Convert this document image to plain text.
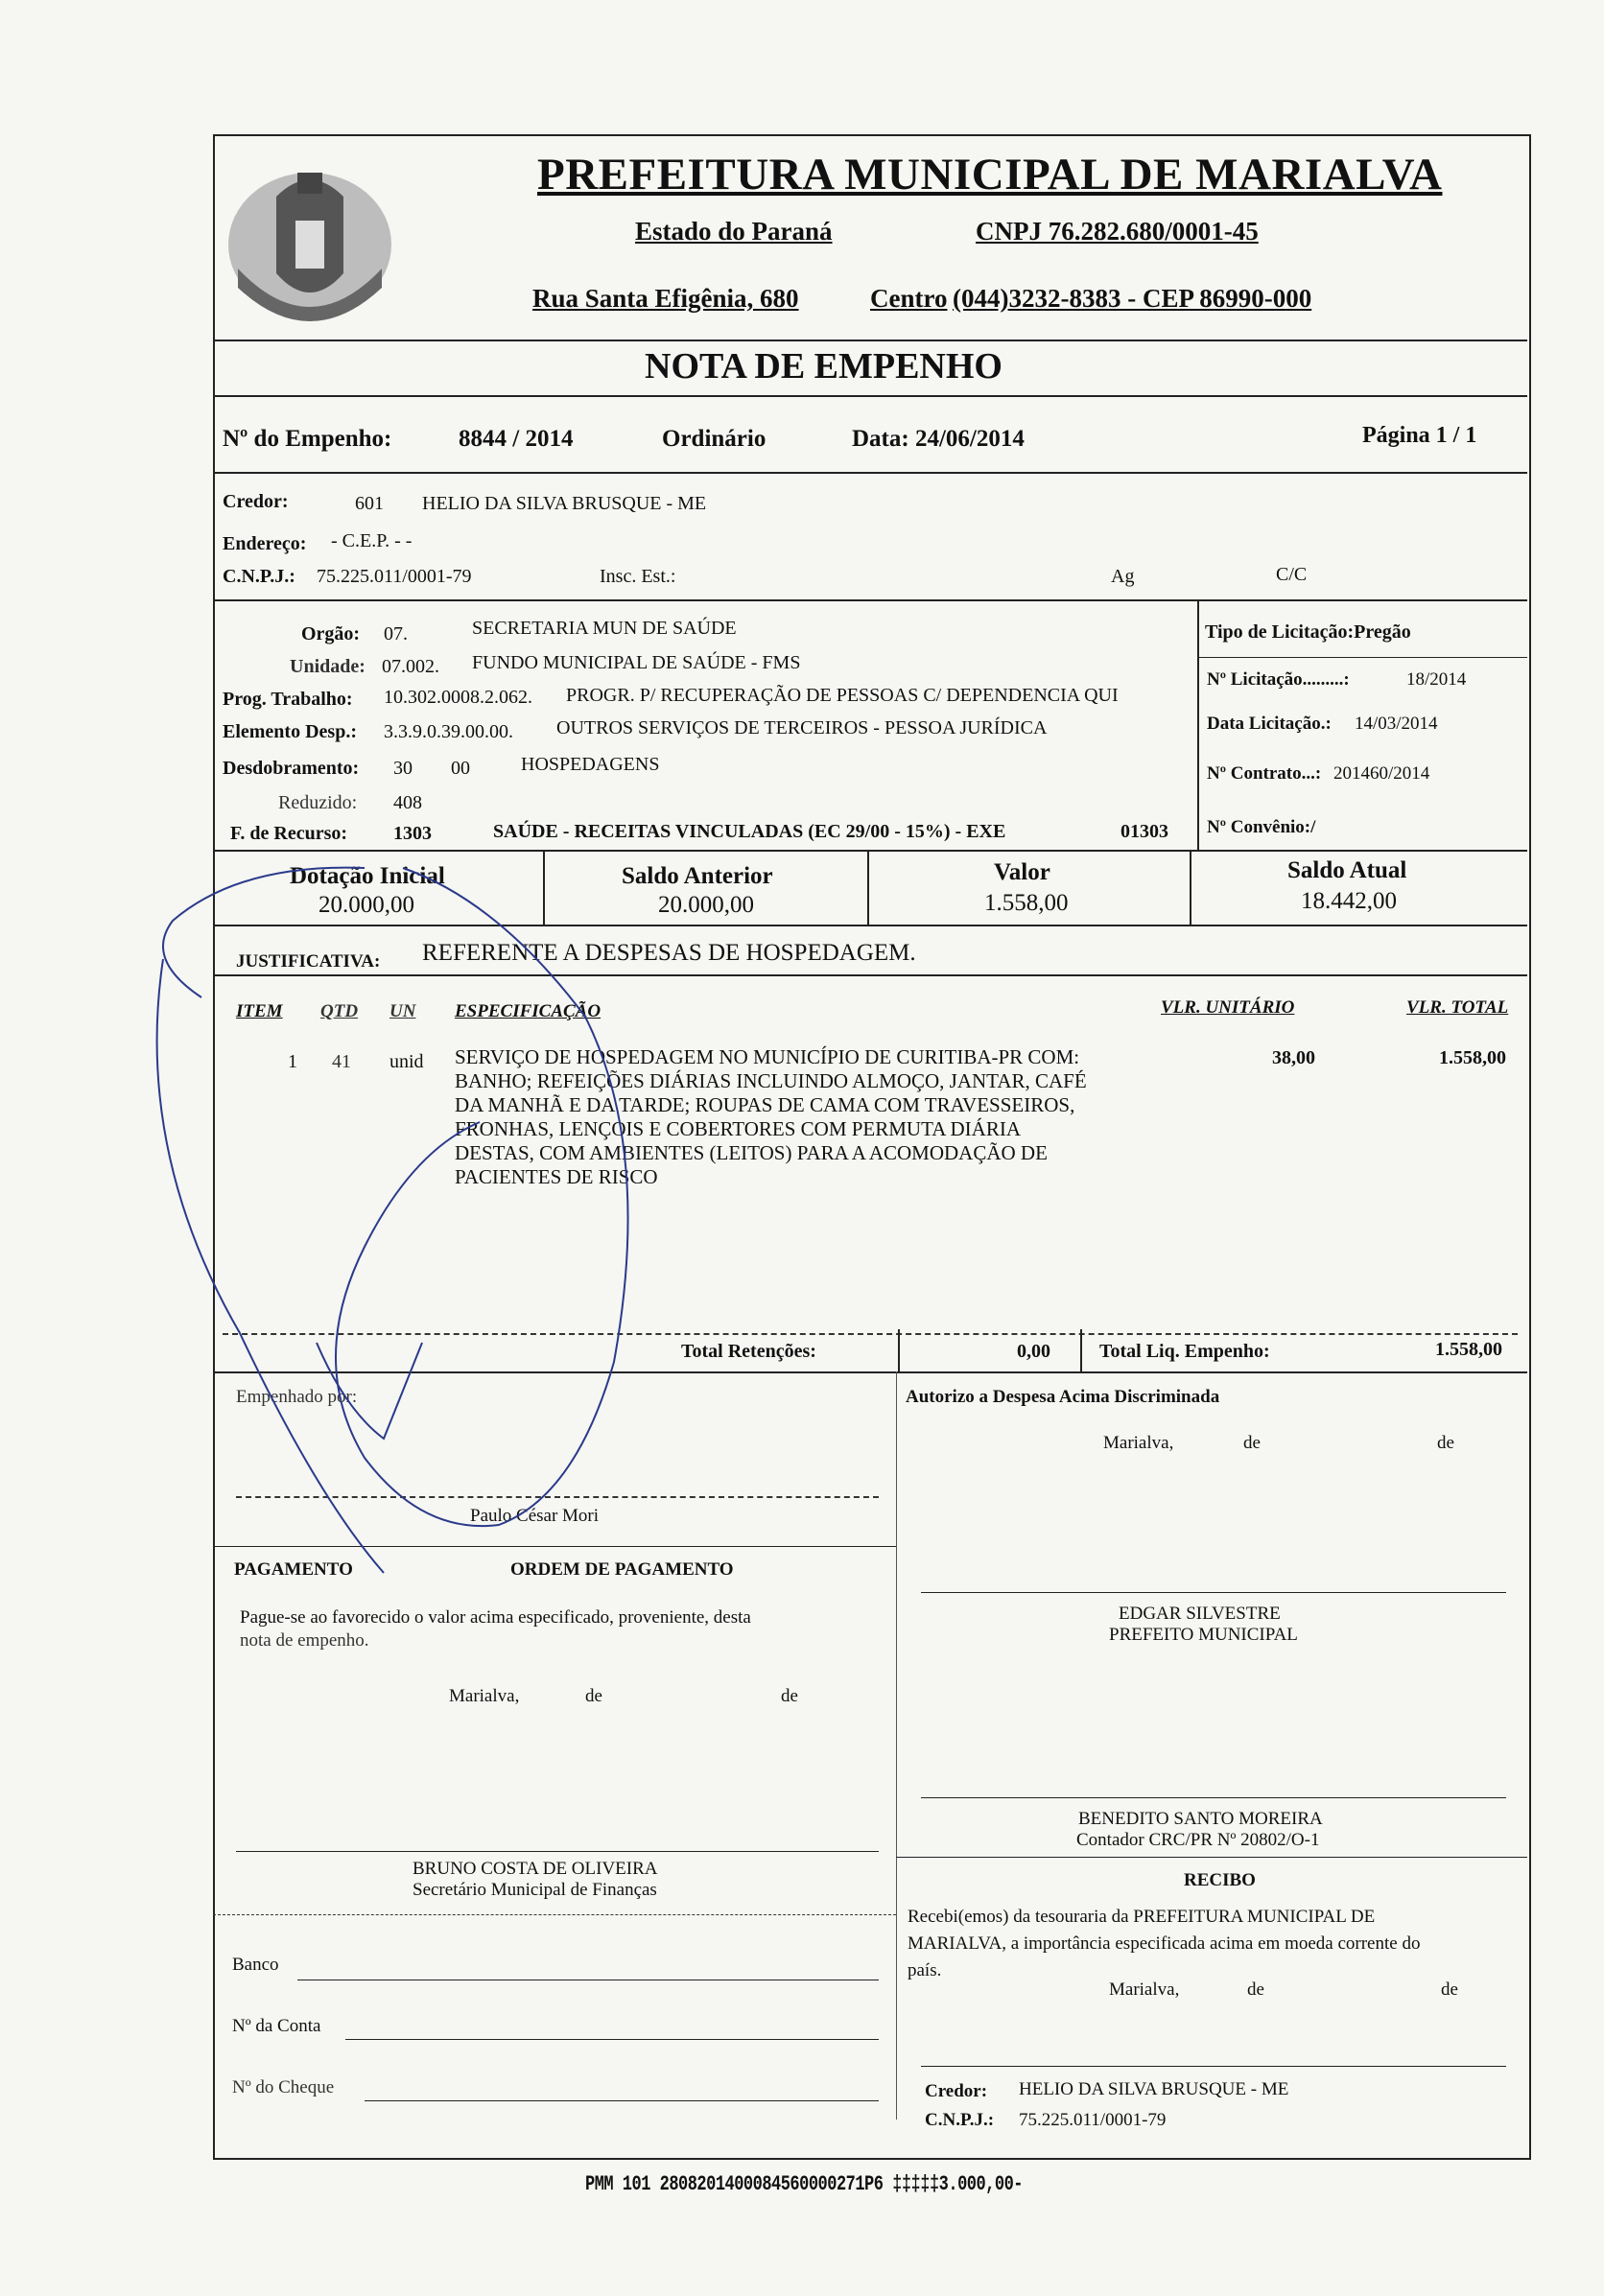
PREFEITURA MUNICIPAL DE MARIALVA
Estado do Paraná	CNPJ 76.282.680/0001-45
Rua Santa Efigênia, 680	Centro (044)3232-8383 - CEP 86990-000
NOTA DE EMPENHO
Nº do Empenho:	8844 / 2014	Ordinário	Data: 24/06/2014	Página 1 / 1
Credor:	601 HELIO DA SILVA BRUSQUE - ME
Endereço: - C.E.P. - -
C.N.P.J.: 75.225.011/0001-79	Insc. Est.:	Ag	C/C
Orgão: 07.	SECRETARIA MUN DE SAÚDE
Unidade: 07.002. FUNDO MUNICIPAL DE SAÚDE - FMS
Prog. Trabalho: 10.302.0008.2.062. PROGR. P/ RECUPERAÇÃO DE PESSOAS C/ DEPENDENCIA QUI
Elemento Desp.: 3.3.9.0.39.00.00. OUTROS SERVIÇOS DE TERCEIROS - PESSOA JURÍDICA
Desdobramento: 30 00	HOSPEDAGENS
Reduzido: 408
F. de Recurso: 1303	SAÚDE - RECEITAS VINCULADAS (EC 29/00 - 15%) - EXE	01303
Tipo de Licitação:Pregão
Nº Licitação.........:	18/2014
Data Licitação.: 14/03/2014
Nº Contrato...: 201460/2014
Nº Convênio:/
Dotação Inicial
20.000,00
Saldo Anterior
20.000,00
Valor
1.558,00
Saldo Atual
18.442,00
JUSTIFICATIVA: REFERENTE A DESPESAS DE HOSPEDAGEM.
ITEM QTD UN ESPECIFICAÇÃO	VLR. UNITÁRIO	VLR. TOTAL
1 41 unid SERVIÇO DE HOSPEDAGEM NO MUNICÍPIO DE CURITIBA-PR COM:
BANHO; REFEIÇÕES DIÁRIAS INCLUINDO ALMOÇO, JANTAR, CAFÉ
DA MANHÃ E DA TARDE; ROUPAS DE CAMA COM TRAVESSEIROS,
FRONHAS, LENÇOIS E COBERTORES COM PERMUTA DIÁRIA
DESTAS, COM AMBIENTES (LEITOS) PARA A ACOMODAÇÃO DE
PACIENTES DE RISCO
38,00	1.558,00
Total Retenções:	0,00	Total Liq. Empenho:	1.558,00
Empenhado por:
Paulo César Mori
Autorizo a Despesa Acima Discriminada
Marialva,	de	de
EDGAR SILVESTRE
PREFEITO MUNICIPAL
PAGAMENTO	ORDEM DE PAGAMENTO
Pague-se ao favorecido o valor acima especificado, proveniente, desta
nota de empenho.
Marialva,	de	de
BENEDITO SANTO MOREIRA
Contador CRC/PR Nº 20802/O-1
BRUNO COSTA DE OLIVEIRA
Secretário Municipal de Finanças	RECIBO
Recebi(emos) da tesouraria da PREFEITURA MUNICIPAL DE
MARIALVA, a importância especificada acima em moeda corrente do
país.
Marialva,	de	de
Banco
Nº da Conta
Nº do Cheque	Credor: HELIO DA SILVA BRUSQUE - ME
C.N.P.J.: 75.225.011/0001-79
PMM 101 2808201400084560000271P6 ‡‡‡‡‡3.000,00-
